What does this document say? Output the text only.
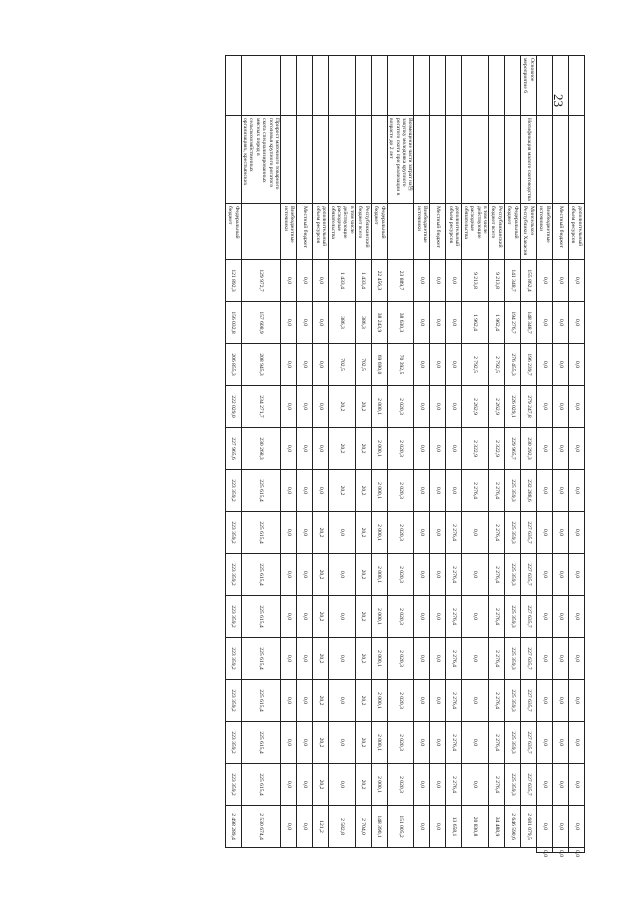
		дополнительный объем ресурсов	0,0	0,0	0,0	0,0	0,0	0,0	0,0	0,0	0,0	0,0	0,0	0,0	0,0	0,0	0,0
		Местный бюджет	0,0	0,0	0,0	0,0	0,0	0,0	0,0	0,0	0,0	0,0	0,0	0,0	0,0	0,0	0,0
		Внебюджетные источники	0,0	0,0	0,0	0,0	0,0	0,0	0,0	0,0	0,0	0,0	0,0	0,0	0,0	0,0	0,0
Основное мероприятие 6	Нотификация малого скотоводства	Минсельхоз Республики Хакасия	155 862,4	148 348,7	196 239,7	279 247,8	230 292,3	232 288,6	227 635,7	227 635,7	227 635,7	227 635,7	227 635,7	227 635,7	227 635,7	2 681 079,5	
		Федеральный бюджет	141 348,7	194 276,7	276 455,3	226 029,1	229 965,7	225 359,3	225 359,3	225 359,3	225 359,3	225 359,3	225 359,3	225 359,3	225 359,3	2 646 590,6	
		Республиканский бюджет всего	9 213,8	1 962,4	2 792,5	2 262,9	2 322,9	2 276,4	2 276,4	2 276,4	2 276,4	2 276,4	2 276,4	2 276,4	2 276,4	34 488,9	
		в том числе действующие расходные обязательства	9 213,8	1 962,4	2 792,5	2 262,9	2 322,9	2 276,4	0,0	0,0	0,0	0,0	0,0	0,0	0,0	20 830,8	
		дополнительный объем ресурсов	0,0	0,0	0,0	0,0	0,0	0,0	2 276,4	2 276,4	2 276,4	2 276,4	2 276,4	2 276,4	2 276,4	13 658,1	
		Местный бюджет	0,0	0,0	0,0	0,0	0,0	0,0	0,0	0,0	0,0	0,0	0,0	0,0	0,0	0,0	
		Внебюджетные источники	0,0	0,0	0,0	0,0	0,0	0,0	0,0	0,0	0,0	0,0	0,0	0,0	0,0	0,0	
	Возмещение части затрат на售 закупку молодняка крупного рогатого скота при реализации в возрасте до 2 лет		23 889,7	38 630,3	70 392,5	2 020,3	2 020,3	2 020,3	2 020,3	2 020,3	2 020,3	2 020,3	2 020,3	2 020,3	2 020,3	151 005,2	
		Федеральный бюджет	22 456,3	38 243,9	69 690,0	2 000,1	2 000,1	2 000,1	2 000,1	2 000,1	2 000,1	2 000,1	2 000,1	2 000,1	2 000,1	148 390,1	
		Республиканский бюджет всего	1 433,4	386,3	702,5	20,2	20,2	20,2	20,2	20,2	20,2	20,2	20,2	20,2	20,2	2 704,0	
		в том числе действующие расходные обязательства	1 433,4	386,3	702,5	20,2	20,2	20,2	0,0	0,0	0,0	0,0	0,0	0,0	0,0	2 582,8	
		дополнительный объем ресурсов	0,0	0,0	0,0	0,0	0,0	0,0	20,2	20,2	20,2	20,2	20,2	20,2	20,2	121,2	
		Местный бюджет	0,0	0,0	0,0	0,0	0,0	0,0	0,0	0,0	0,0	0,0	0,0	0,0	0,0	0,0	
		Внебюджетные источники	0,0	0,0	0,0	0,0	0,0	0,0	0,0	0,0	0,0	0,0	0,0	0,0	0,0	0,0	
	Прирост маточного товарного поголовья крупного рогатого скота специализированных мясных пород в сельскохозяйственных организациях, крестьянских		129 972,7	157 608,9	208 945,3	234 271,7	230 268,3	225 615,4	225 615,4	225 615,4	225 615,4	225 615,4	225 615,4	225 615,4	225 615,4	2 530 674,4	
		Федеральный бюджет	121 892,3	156 032,8	206 855,3	222 029,0	227 965,6	223 359,2	223 359,2	223 359,2	223 359,2	223 359,2	223 359,2	223 359,2	223 359,2	2 498 289,4	
23
